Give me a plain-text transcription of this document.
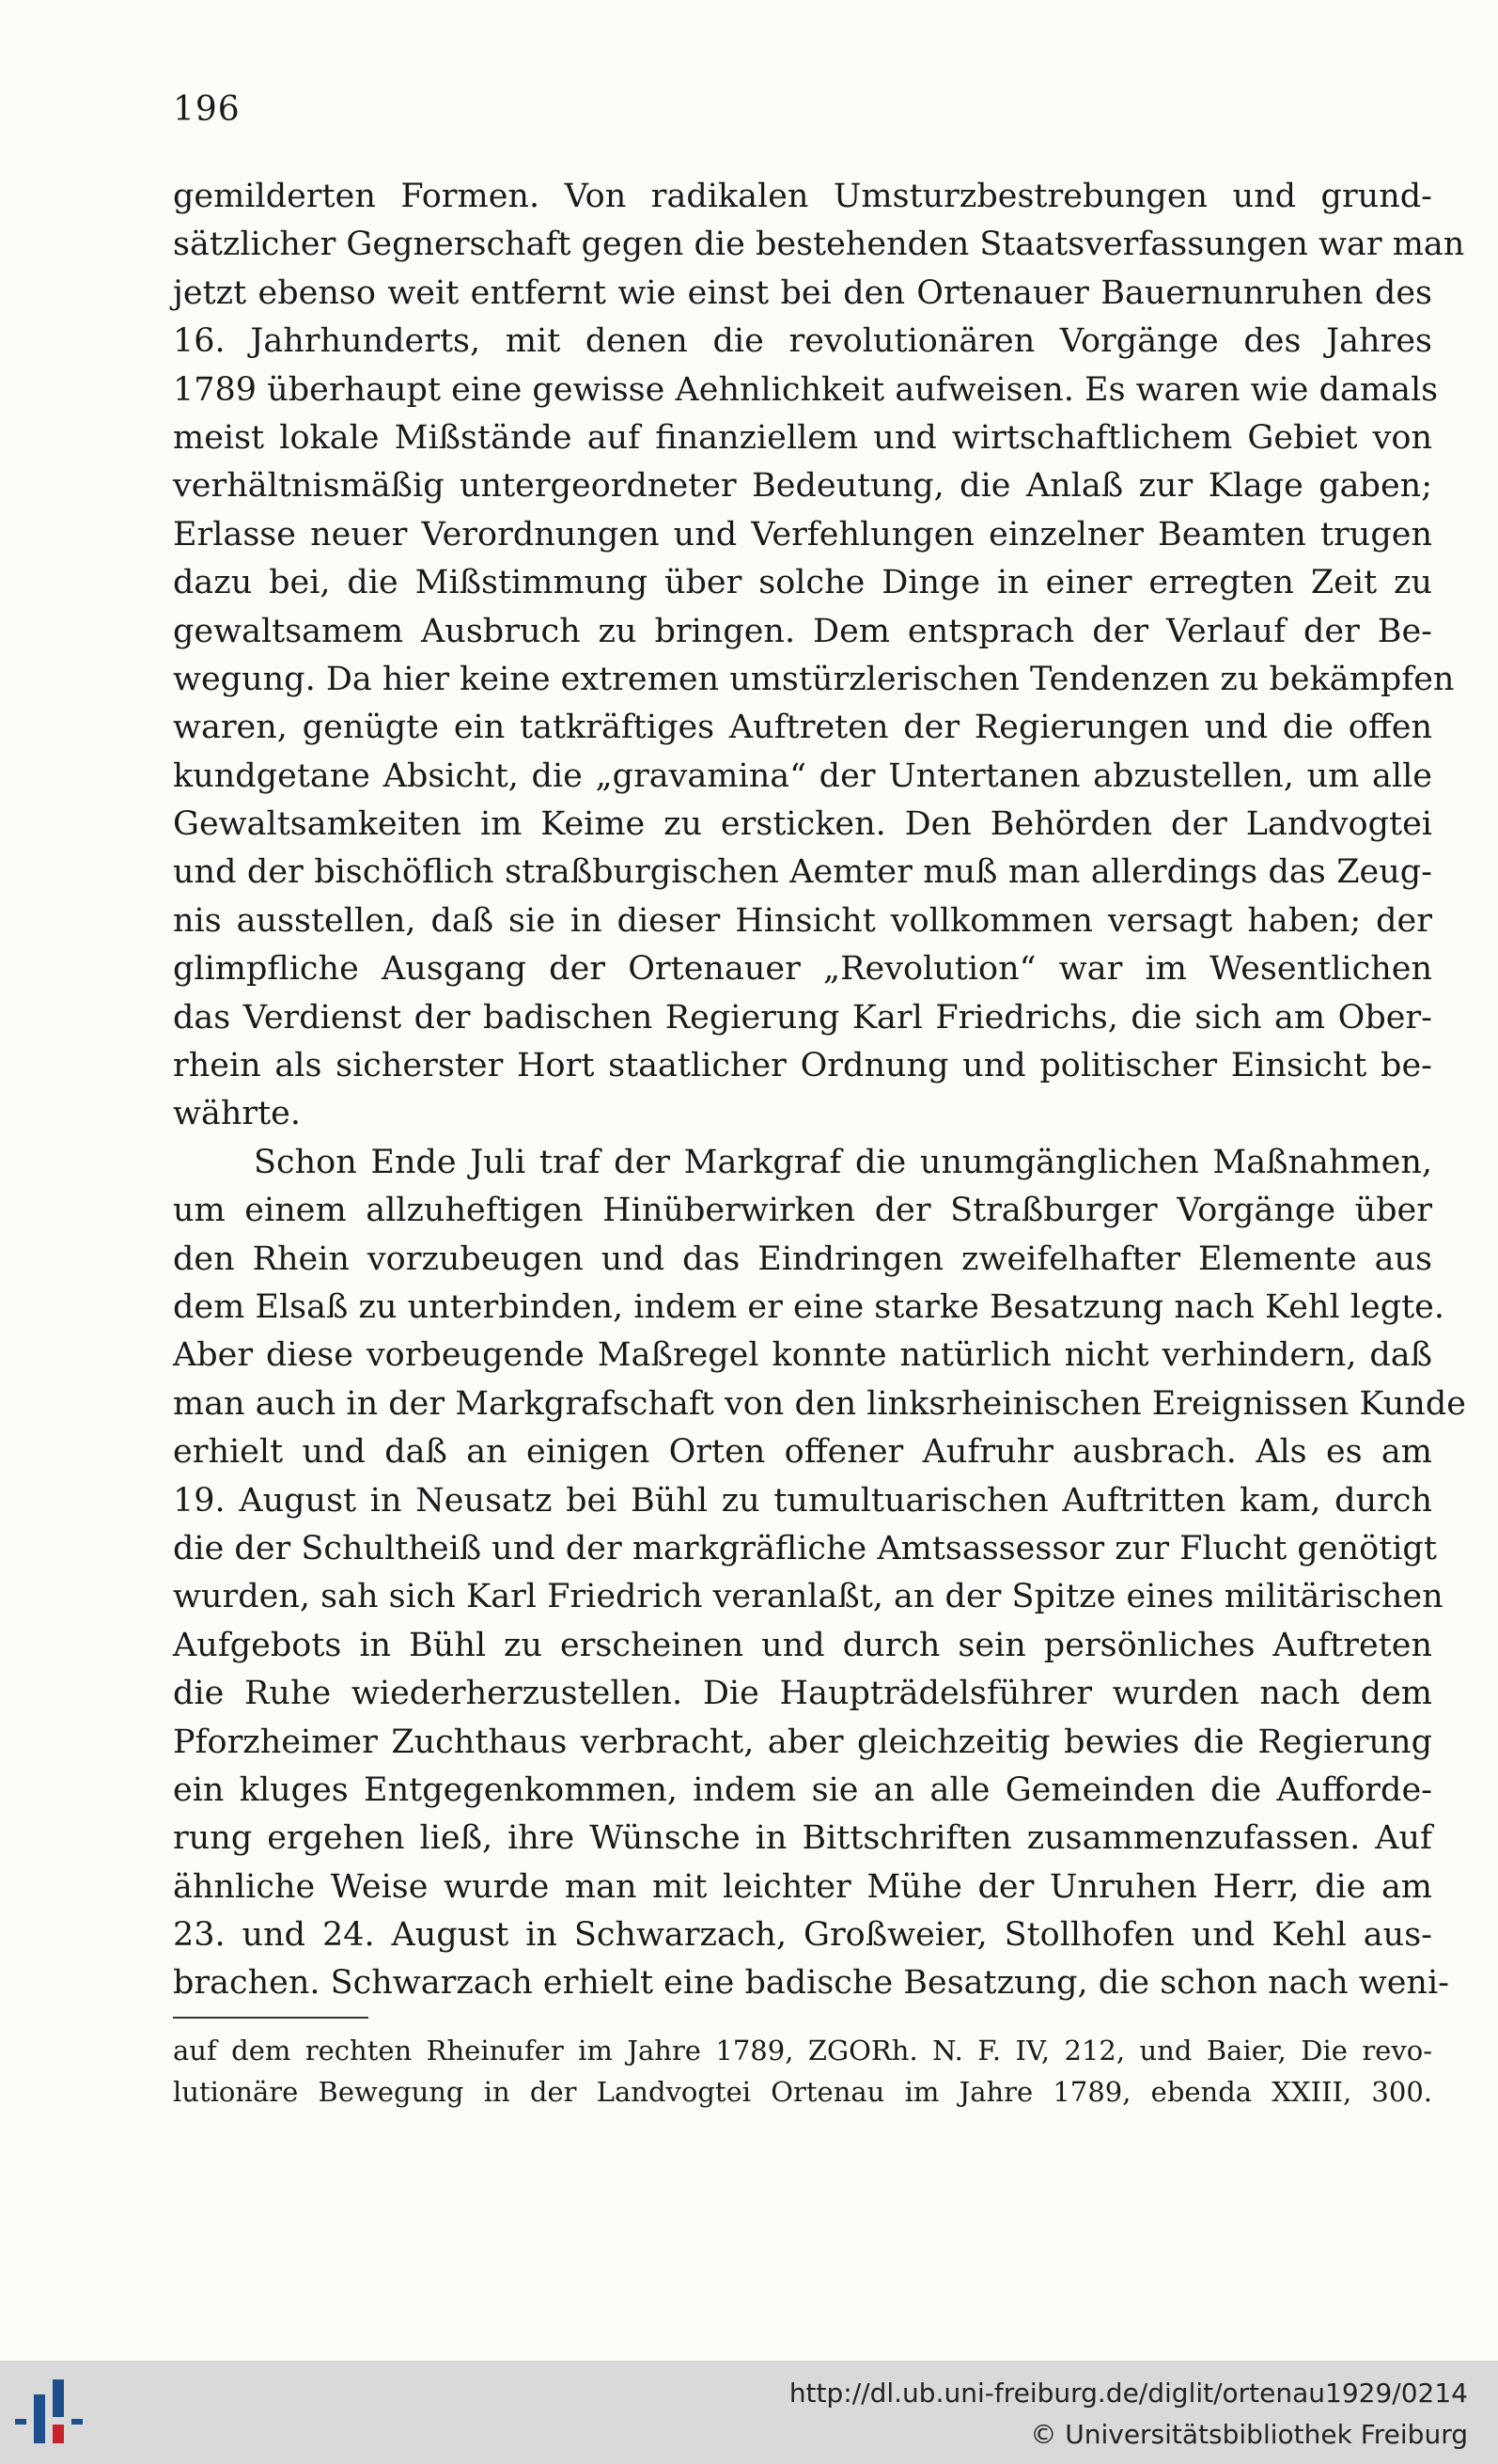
196
gemilderten Formen. Von radikalen Umsturzbestrebungen und grund-
sätzlicher Gegnerschaft gegen die bestehenden Staatsverfassungen war man
jetzt ebenso weit entfernt wie einst bei den Ortenauer Bauernunruhen des
16. Jahrhunderts, mit denen die revolutionären Vorgänge des Jahres
1789 überhaupt eine gewisse Aehnlichkeit aufweisen. Es waren wie damals
meist lokale Mißstände auf finanziellem und wirtschaftlichem Gebiet von
verhältnismäßig untergeordneter Bedeutung, die Anlaß zur Klage gaben;
Erlasse neuer Verordnungen und Verfehlungen einzelner Beamten trugen
dazu bei, die Mißstimmung über solche Dinge in einer erregten Zeit zu
gewaltsamem Ausbruch zu bringen. Dem entsprach der Verlauf der Be-
wegung. Da hier keine extremen umstürzlerischen Tendenzen zu bekämpfen
waren, genügte ein tatkräftiges Auftreten der Regierungen und die offen
kundgetane Absicht, die „gravamina“ der Untertanen abzustellen, um alle
Gewaltsamkeiten im Keime zu ersticken. Den Behörden der Landvogtei
und der bischöflich straßburgischen Aemter muß man allerdings das Zeug-
nis ausstellen, daß sie in dieser Hinsicht vollkommen versagt haben; der
glimpfliche Ausgang der Ortenauer „Revolution“ war im Wesentlichen
das Verdienst der badischen Regierung Karl Friedrichs, die sich am Ober-
rhein als sicherster Hort staatlicher Ordnung und politischer Einsicht be-
währte.
Schon Ende Juli traf der Markgraf die unumgänglichen Maßnahmen,
um einem allzuheftigen Hinüberwirken der Straßburger Vorgänge über
den Rhein vorzubeugen und das Eindringen zweifelhafter Elemente aus
dem Elsaß zu unterbinden, indem er eine starke Besatzung nach Kehl legte.
Aber diese vorbeugende Maßregel konnte natürlich nicht verhindern, daß
man auch in der Markgrafschaft von den linksrheinischen Ereignissen Kunde
erhielt und daß an einigen Orten offener Aufruhr ausbrach. Als es am
19. August in Neusatz bei Bühl zu tumultuarischen Auftritten kam, durch
die der Schultheiß und der markgräfliche Amtsassessor zur Flucht genötigt
wurden, sah sich Karl Friedrich veranlaßt, an der Spitze eines militärischen
Aufgebots in Bühl zu erscheinen und durch sein persönliches Auftreten
die Ruhe wiederherzustellen. Die Haupträdelsführer wurden nach dem
Pforzheimer Zuchthaus verbracht, aber gleichzeitig bewies die Regierung
ein kluges Entgegenkommen, indem sie an alle Gemeinden die Aufforde-
rung ergehen ließ, ihre Wünsche in Bittschriften zusammenzufassen. Auf
ähnliche Weise wurde man mit leichter Mühe der Unruhen Herr, die am
23. und 24. August in Schwarzach, Großweier, Stollhofen und Kehl aus-
brachen. Schwarzach erhielt eine badische Besatzung, die schon nach weni-
auf dem rechten Rheinufer im Jahre 1789, ZGORh. N. F. IV, 212, und Baier, Die revo-
lutionäre Bewegung in der Landvogtei Ortenau im Jahre 1789, ebenda XXIII, 300.
http://dl.ub.uni-freiburg.de/diglit/ortenau1929/0214
© Universitätsbibliothek Freiburg
